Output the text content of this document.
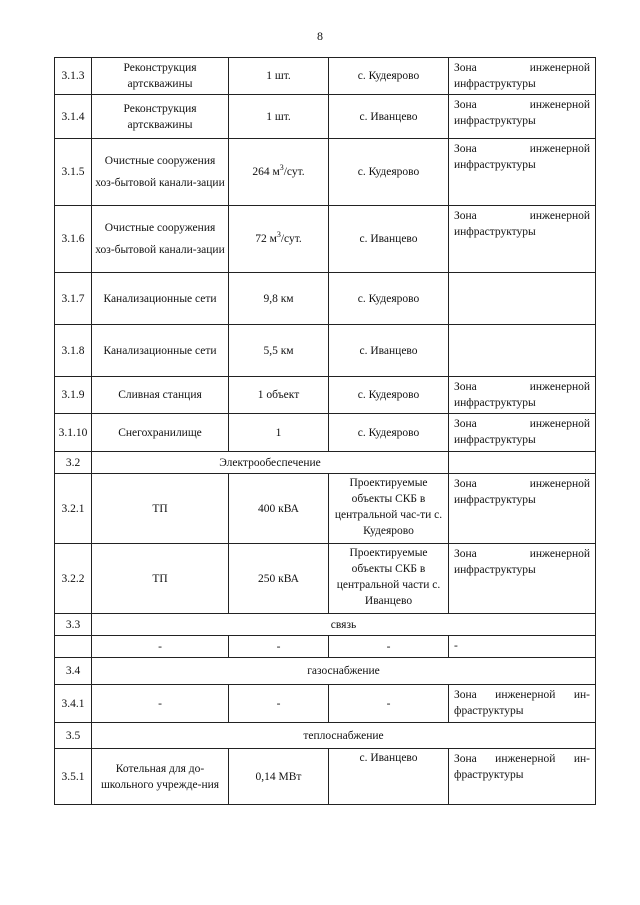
8
3.1.3	Реконструкция артскважины	1 шт.	с. Кудеярово	Зона инженерной инфраструктуры
3.1.4	Реконструкция артскважины	1 шт.	с. Иванцево	Зона инженерной инфраструктуры
3.1.5	Очистные сооружения хоз-бытовой канали-зации	264 $м^3$/сут.	с. Кудеярово	Зона инженерной инфраструктуры
3.1.6	Очистные сооружения хоз-бытовой канали-зации	72 $м^3$/сут.	с. Иванцево	Зона инженерной инфраструктуры
3.1.7	Канализационные сети	9,8 км	с. Кудеярово	
3.1.8	Канализационные сети	5,5 км	с. Иванцево	
3.1.9	Сливная станция	1 объект	с. Кудеярово	Зона инженерной инфраструктуры
3.1.10	Снегохранилище	1	с. Кудеярово	Зона инженерной инфраструктуры
3.2	Электрообеспечение			
3.2.1	ТП	400 кВА	Проектируемые объекты СКБ в центральной час-ти с. Кудеярово	Зона инженерной инфраструктуры
3.2.2	ТП	250 кВА	Проектируемые объекты СКБ в центральной части с. Иванцево	Зона инженерной инфраструктуры
3.3	связь			
	-	-	-	-
3.4	газоснабжение			
3.4.1	-	-	-	Зона инженерной ин-фраструктуры
3.5	теплоснабжение			
3.5.1	Котельная для до-школьного учрежде-ния	0,14 МВт	с. Иванцево	Зона инженерной ин-фраструктуры
